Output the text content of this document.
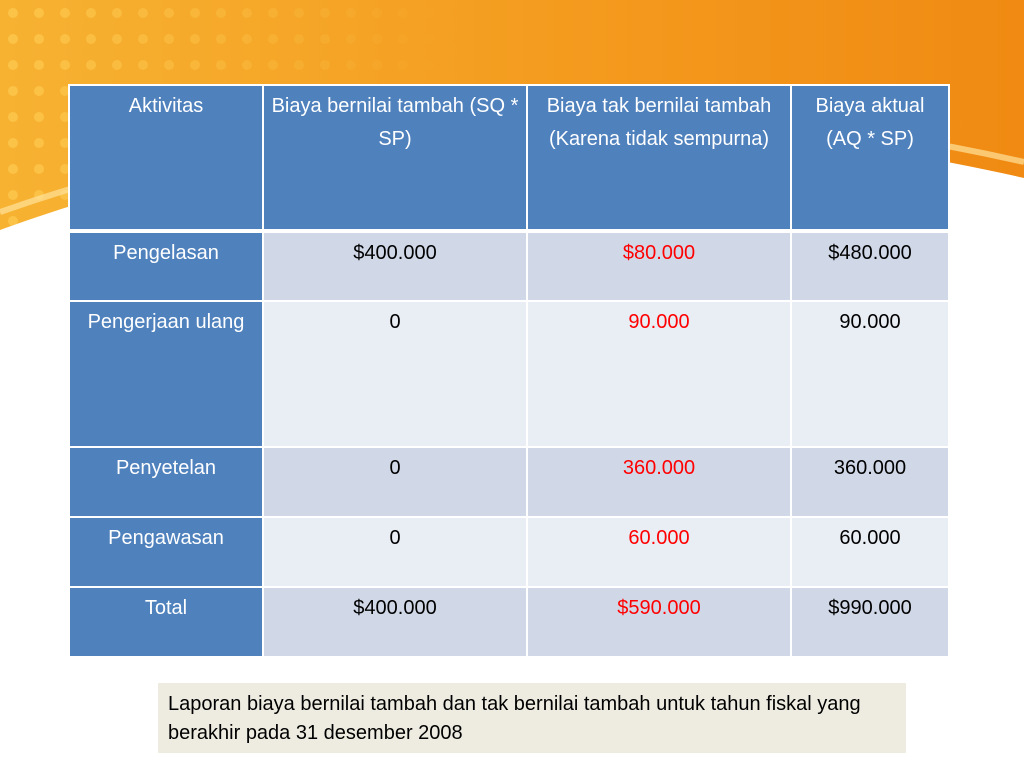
Aktivitas	Biaya bernilai tambah (SQ * SP)	Biaya tak bernilai tambah (Karena tidak sempurna)	Biaya aktual (AQ * SP)
Pengelasan	$400.000	$80.000	$480.000
Pengerjaan ulang	0	90.000	90.000
Penyetelan	0	360.000	360.000
Pengawasan	0	60.000	60.000
Total	$400.000	$590.000	$990.000
Laporan biaya bernilai tambah dan tak bernilai tambah untuk tahun fiskal yang berakhir pada 31 desember 2008
